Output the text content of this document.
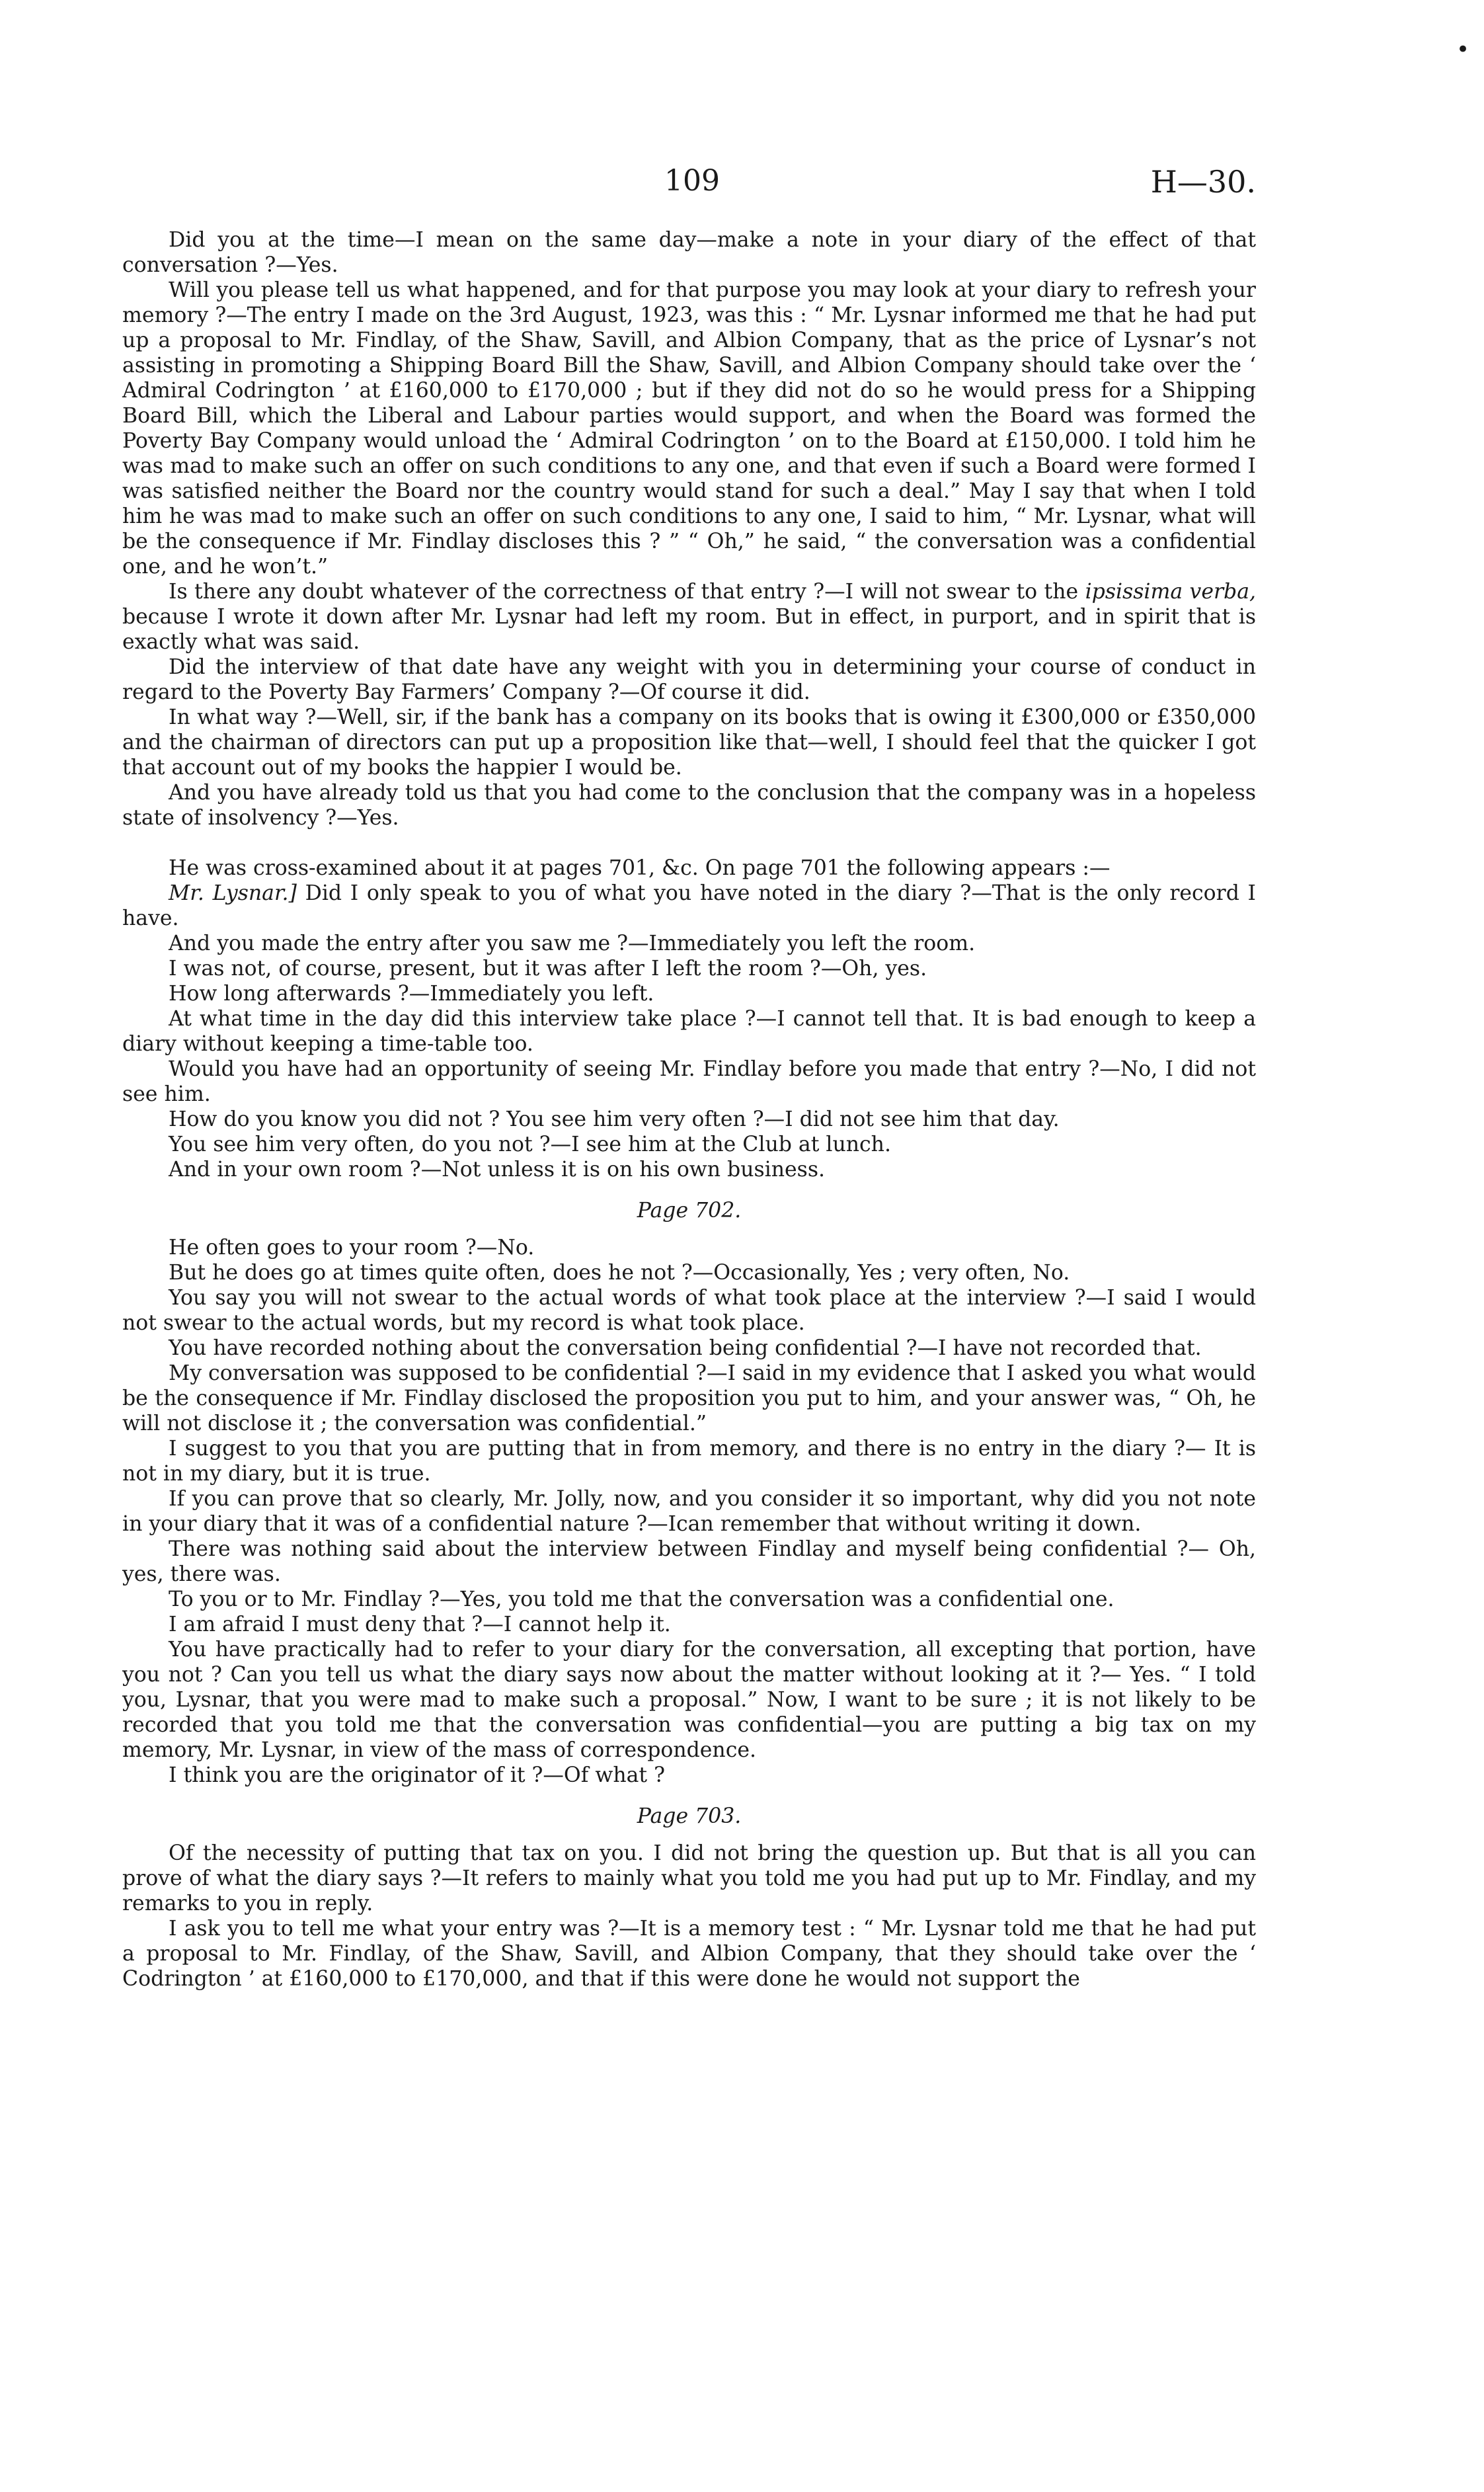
•
109	H—30.

Did you at the time—I mean on the same day—make a note in your diary of the effect of that conversation ?—Yes.

Will you please tell us what happened, and for that purpose you may look at your diary to refresh your memory ?—The entry I made on the 3rd August, 1923, was this : “ Mr. Lysnar informed me that he had put up a proposal to Mr. Findlay, of the Shaw, Savill, and Albion Company, that as the price of Lysnar’s not assisting in promoting a Shipping Board Bill the Shaw, Savill, and Albion Company should take over the ‘ Admiral Codrington ’ at £160,000 to £170,000 ; but if they did not do so he would press for a Shipping Board Bill, which the Liberal and Labour parties would support, and when the Board was formed the Poverty Bay Company would unload the ‘ Admiral Codrington ’ on to the Board at £150,000. I told him he was mad to make such an offer on such conditions to any one, and that even if such a Board were formed I was satisfied neither the Board nor the country would stand for such a deal.” May I say that when I told him he was mad to make such an offer on such conditions to any one, I said to him, “ Mr. Lysnar, what will be the consequence if Mr. Findlay discloses this ? ” “ Oh,” he said, “ the conversation was a confidential one, and he won’t.”

Is there any doubt whatever of the correctness of that entry ?—I will not swear to the ipsissima verba, because I wrote it down after Mr. Lysnar had left my room. But in effect, in purport, and in spirit that is exactly what was said.

Did the interview of that date have any weight with you in determining your course of conduct in regard to the Poverty Bay Farmers’ Company ?—Of course it did.

In what way ?—Well, sir, if the bank has a company on its books that is owing it £300,000 or £350,000 and the chairman of directors can put up a proposition like that—well, I should feel that the quicker I got that account out of my books the happier I would be.

And you have already told us that you had come to the conclusion that the company was in a hopeless state of insolvency ?—Yes.

He was cross-examined about it at pages 701, &c. On page 701 the following appears :—

Mr. Lysnar.] Did I only speak to you of what you have noted in the diary ?—That is the only record I have.

And you made the entry after you saw me ?—Immediately you left the room.

I was not, of course, present, but it was after I left the room ?—Oh, yes.

How long afterwards ?—Immediately you left.

At what time in the day did this interview take place ?—I cannot tell that. It is bad enough to keep a diary without keeping a time-table too.

Would you have had an opportunity of seeing Mr. Findlay before you made that entry ?—No, I did not see him.

How do you know you did not ? You see him very often ?—I did not see him that day.

You see him very often, do you not ?—I see him at the Club at lunch.

And in your own room ?—Not unless it is on his own business.

Page 702.

He often goes to your room ?—No.

But he does go at times quite often, does he not ?—Occasionally, Yes ; very often, No.

You say you will not swear to the actual words of what took place at the interview ?—I said I would not swear to the actual words, but my record is what took place.

You have recorded nothing about the conversation being confidential ?—I have not recorded that.

My conversation was supposed to be confidential ?—I said in my evidence that I asked you what would be the consequence if Mr. Findlay disclosed the proposition you put to him, and your answer was, “ Oh, he will not disclose it ; the conversation was confidential.”

I suggest to you that you are putting that in from memory, and there is no entry in the diary ?— It is not in my diary, but it is true.

If you can prove that so clearly, Mr. Jolly, now, and you consider it so important, why did you not note in your diary that it was of a confidential nature ?—Ican remember that without writing it down.

There was nothing said about the interview between Findlay and myself being confidential ?— Oh, yes, there was.

To you or to Mr. Findlay ?—Yes, you told me that the conversation was a confidential one.

I am afraid I must deny that ?—I cannot help it.

You have practically had to refer to your diary for the conversation, all excepting that portion, have you not ? Can you tell us what the diary says now about the matter without looking at it ?— Yes. “ I told you, Lysnar, that you were mad to make such a proposal.” Now, I want to be sure ; it is not likely to be recorded that you told me that the conversation was confidential—you are putting a big tax on my memory, Mr. Lysnar, in view of the mass of correspondence.

I think you are the originator of it ?—Of what ?

Page 703.

Of the necessity of putting that tax on you. I did not bring the question up. But that is all you can prove of what the diary says ?—It refers to mainly what you told me you had put up to Mr. Findlay, and my remarks to you in reply.

I ask you to tell me what your entry was ?—It is a memory test : “ Mr. Lysnar told me that he had put a proposal to Mr. Findlay, of the Shaw, Savill, and Albion Company, that they should take over the ‘ Codrington ’ at £160,000 to £170,000, and that if this were done he would not support the
